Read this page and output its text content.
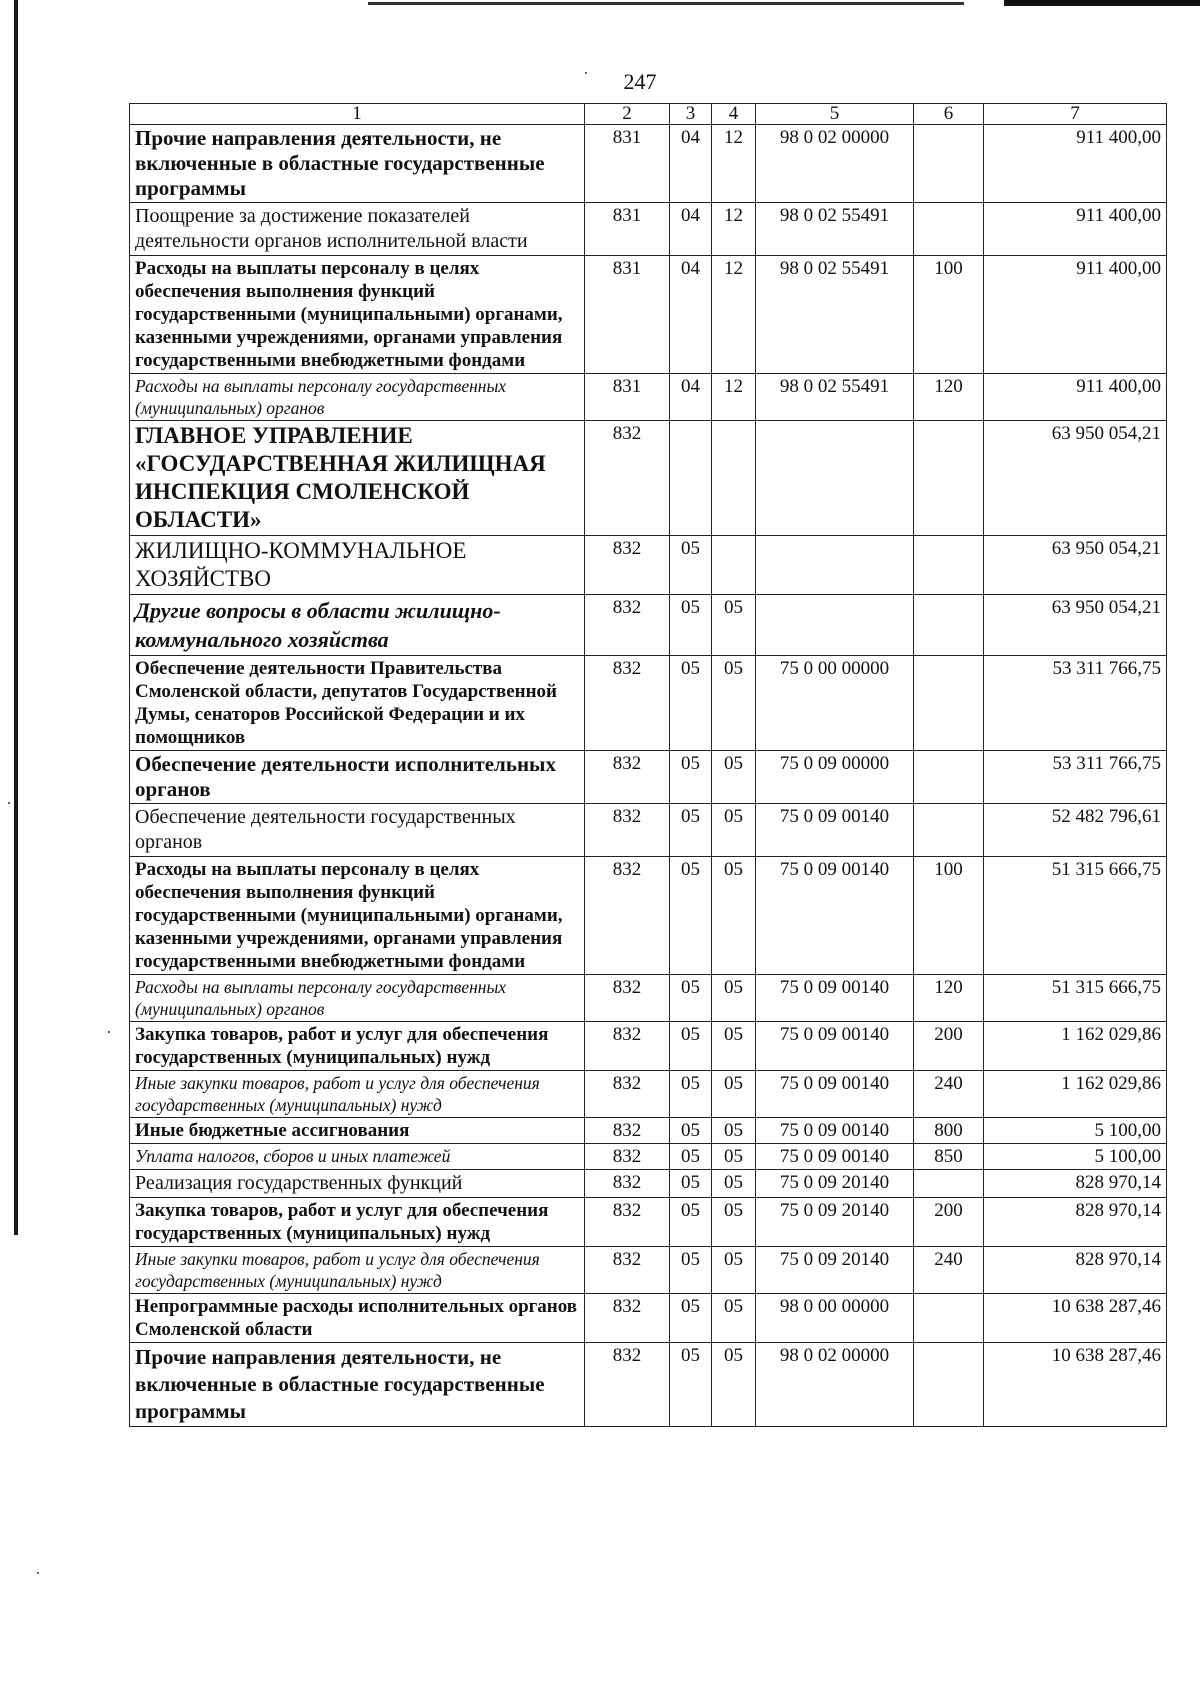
247
1	2	3	4	5	6	7
Прочие направления деятельности, не включенные в областные государственные программы	831	04	12	98 0 02 00000		911 400,00
Поощрение за достижение показателей деятельности органов исполнительной власти	831	04	12	98 0 02 55491		911 400,00
Расходы на выплаты персоналу в целях обеспечения выполнения функций государственными (муниципальными) органами, казенными учреждениями, органами управления государственными внебюджетными фондами	831	04	12	98 0 02 55491	100	911 400,00
Расходы на выплаты персоналу государственных (муниципальных) органов	831	04	12	98 0 02 55491	120	911 400,00
ГЛАВНОЕ УПРАВЛЕНИЕ «ГОСУДАРСТВЕННАЯ ЖИЛИЩНАЯ ИНСПЕКЦИЯ СМОЛЕНСКОЙ ОБЛАСТИ»	832					63 950 054,21
ЖИЛИЩНО-КОММУНАЛЬНОЕ ХОЗЯЙСТВО	832	05				63 950 054,21
Другие вопросы в области жилищно-коммунального хозяйства	832	05	05			63 950 054,21
Обеспечение деятельности Правительства Смоленской области, депутатов Государственной Думы, сенаторов Российской Федерации и их помощников	832	05	05	75 0 00 00000		53 311 766,75
Обеспечение деятельности исполнительных органов	832	05	05	75 0 09 00000		53 311 766,75
Обеспечение деятельности государственных органов	832	05	05	75 0 09 00140		52 482 796,61
Расходы на выплаты персоналу в целях обеспечения выполнения функций государственными (муниципальными) органами, казенными учреждениями, органами управления государственными внебюджетными фондами	832	05	05	75 0 09 00140	100	51 315 666,75
Расходы на выплаты персоналу государственных (муниципальных) органов	832	05	05	75 0 09 00140	120	51 315 666,75
Закупка товаров, работ и услуг для обеспечения государственных (муниципальных) нужд	832	05	05	75 0 09 00140	200	1 162 029,86
Иные закупки товаров, работ и услуг для обеспечения государственных (муниципальных) нужд	832	05	05	75 0 09 00140	240	1 162 029,86
Иные бюджетные ассигнования	832	05	05	75 0 09 00140	800	5 100,00
Уплата налогов, сборов и иных платежей	832	05	05	75 0 09 00140	850	5 100,00
Реализация государственных функций	832	05	05	75 0 09 20140		828 970,14
Закупка товаров, работ и услуг для обеспечения государственных (муниципальных) нужд	832	05	05	75 0 09 20140	200	828 970,14
Иные закупки товаров, работ и услуг для обеспечения государственных (муниципальных) нужд	832	05	05	75 0 09 20140	240	828 970,14
Непрограммные расходы исполнительных органов Смоленской области	832	05	05	98 0 00 00000		10 638 287,46
Прочие направления деятельности, не включенные в областные государственные программы	832	05	05	98 0 02 00000		10 638 287,46
